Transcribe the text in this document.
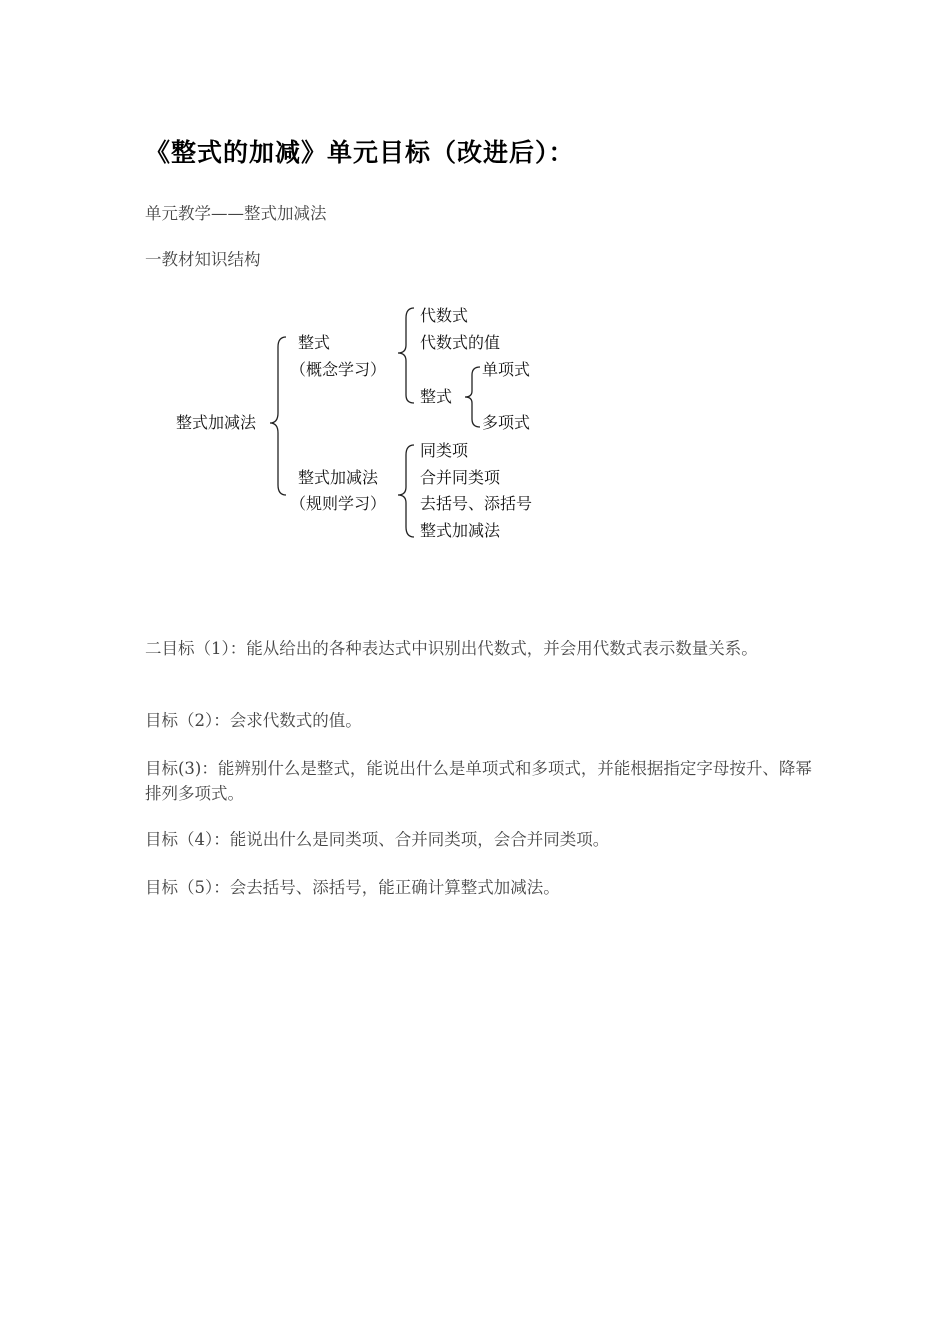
《整式的加减》单元目标（改进后）：
单元教学——整式加减法
一教材知识结构
整式加减法
整式
（概念学习）
代数式
代数式的值
整式
单项式
多项式
整式加减法
（规则学习）
同类项
合并同类项
去括号、添括号
整式加减法
二目标（1）：能从给出的各种表达式中识别出代数式，并会用代数式表示数量关系。
目标（2）：会求代数式的值。
目标(3)：能辨别什么是整式，能说出什么是单项式和多项式，并能根据指定字母按升、降幂排列多项式。
目标（4）：能说出什么是同类项、合并同类项，会合并同类项。
目标（5）：会去括号、添括号，能正确计算整式加减法。
